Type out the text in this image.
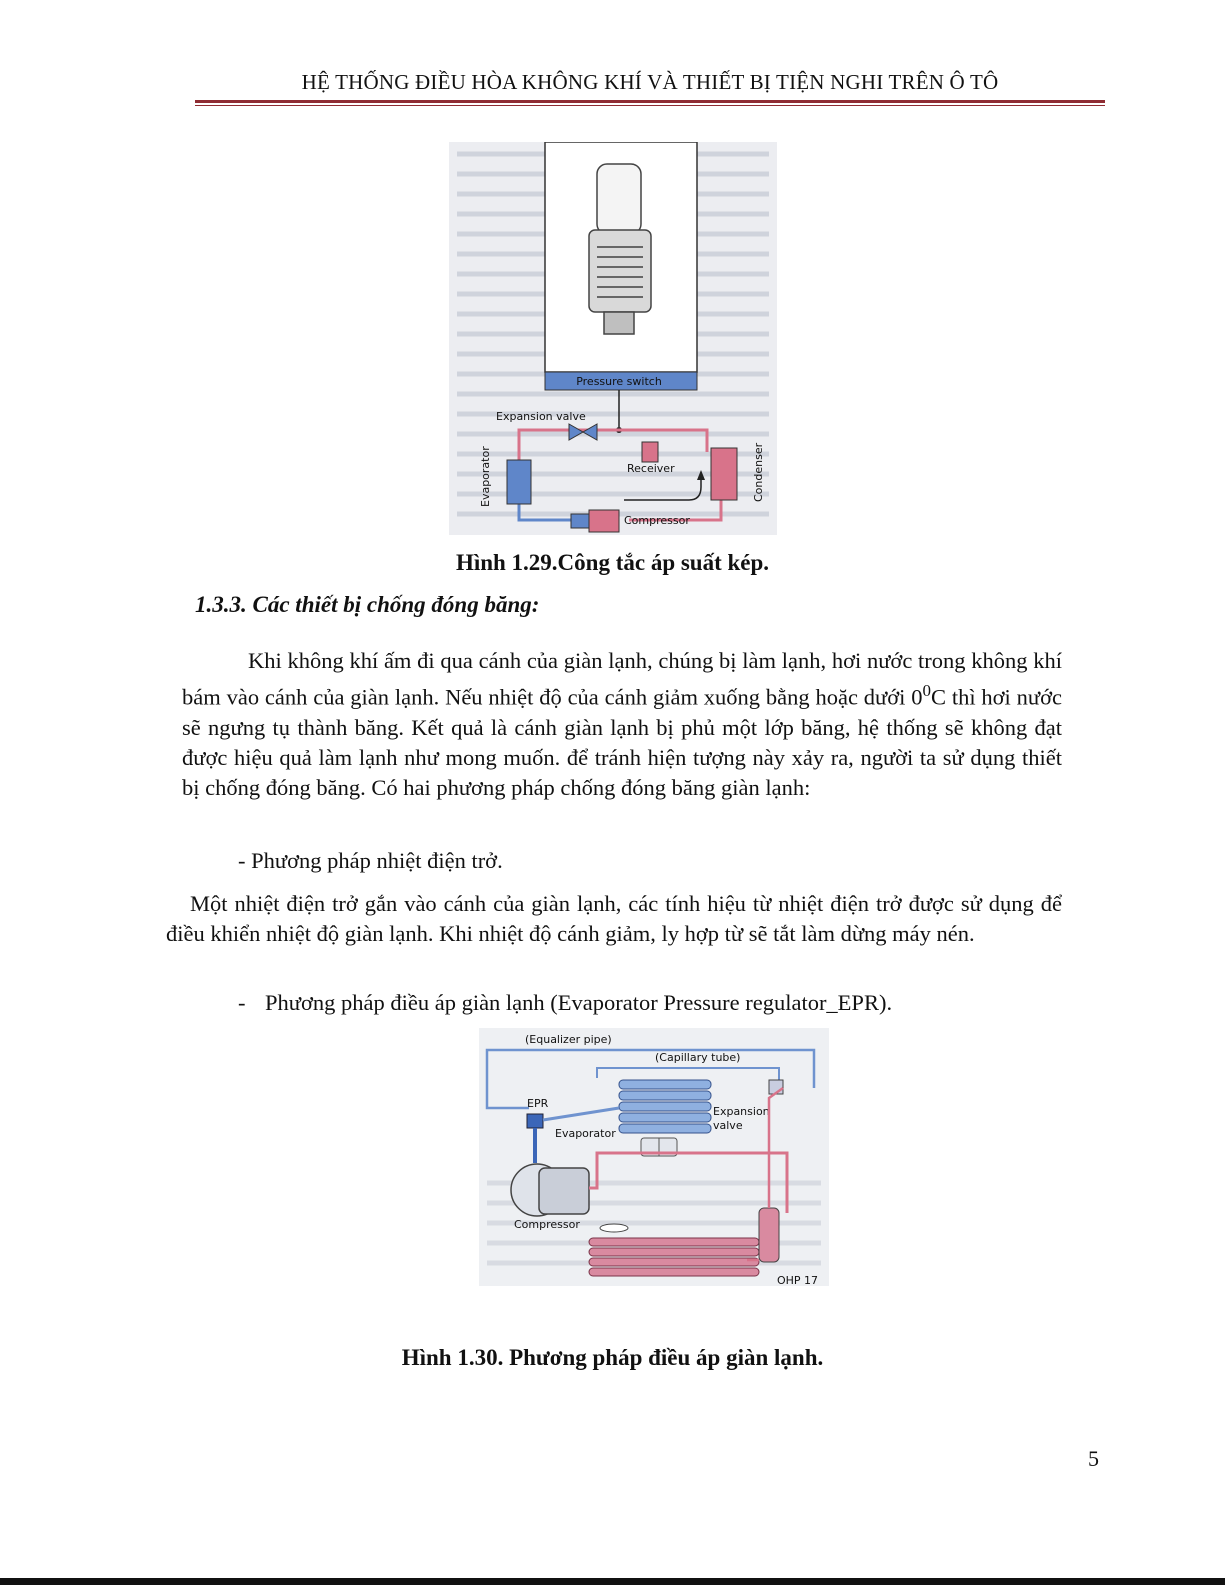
HỆ THỐNG ĐIỀU HÒA KHÔNG KHÍ VÀ THIẾT BỊ TIỆN NGHI TRÊN Ô TÔ
Pressure switch
Expansion valve
Evaporator	Receiver	Condenser
Compressor
Hình 1.29.Công tắc áp suất kép.
1.3.3. Các thiết bị chống đóng băng:
Khi không khí ấm đi qua cánh của giàn lạnh, chúng bị làm lạnh, hơi nước trong không khí bám vào cánh của giàn lạnh. Nếu nhiệt độ của cánh giảm xuống bằng hoặc dưới $0^0C$ thì hơi nước sẽ ngưng tụ thành băng. Kết quả là cánh giàn lạnh bị phủ một lớp băng, hệ thống sẽ không đạt được hiệu quả làm lạnh như mong muốn. để tránh hiện tượng này xảy ra, người ta sử dụng thiết bị chống đóng băng. Có hai phương pháp chống đóng băng giàn lạnh:
- Phương pháp nhiệt điện trở.
Một nhiệt điện trở gắn vào cánh của giàn lạnh, các tính hiệu từ nhiệt điện trở được sử dụng để điều khiển nhiệt độ giàn lạnh. Khi nhiệt độ cánh giảm, ly hợp từ sẽ tắt làm dừng máy nén.
- Phương pháp điều áp giàn lạnh (Evaporator Pressure regulator_EPR).
(Equalizer pipe)
(Capillary tube)
Evaporator
Expansion
valve
EPR
Compressor
OHP 17
Hình 1.30. Phương pháp điều áp giàn lạnh.
5
